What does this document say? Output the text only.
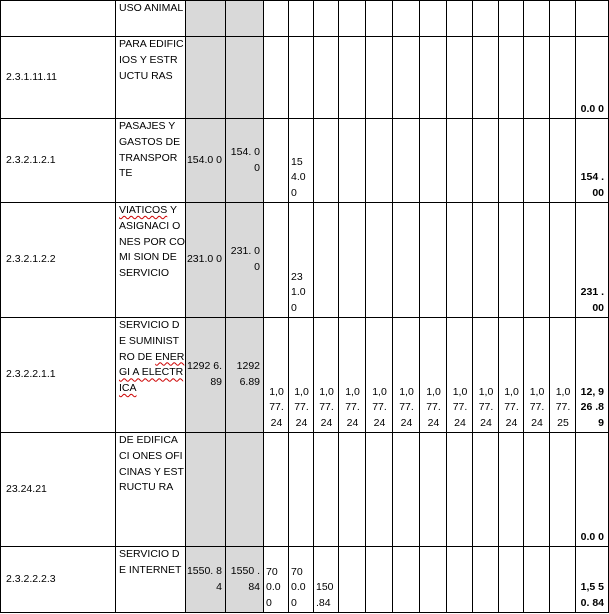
	USO ANIMAL															
2.3.1.11.11	PARA EDIFICIOS Y ESTRUCTU RAS															0.0 0
2.3.2.1.2.1	PASAJES Y GASTOS DE TRANSPOR TE	154.0 0	154. 00		15 4.0 0											154 .00
2.3.2.1.2.2	VIATICOS Y ASIGNACI ONES POR COMI SION DE SERVICIO	231.0 0	231. 00		23 1.0 0											231 .00
2.3.2.2.1.1	SERVICIO DE SUMINIST RO DE ENERGI A ELECTRICA	1292 6.89	1292 6.89	1,0 77. 24	1,0 77. 24	1,0 77. 24	1,0 77. 24	1,0 77. 24	1,0 77. 24	1,0 77. 24	1,0 77. 24	1,0 77. 24	1,0 77. 24	1,0 77. 24	1,0 77. 25	12, 926 .89
23.24.21	DE EDIFICACI ONES OFICINAS Y ESTRUCTU RA															0.0 0
2.3.2.2.2.3	SERVICIO DE INTERNET	1550. 84	1550 .84	70 0.0 0	70 0.0 0	150 .84										1,5 50. 84
